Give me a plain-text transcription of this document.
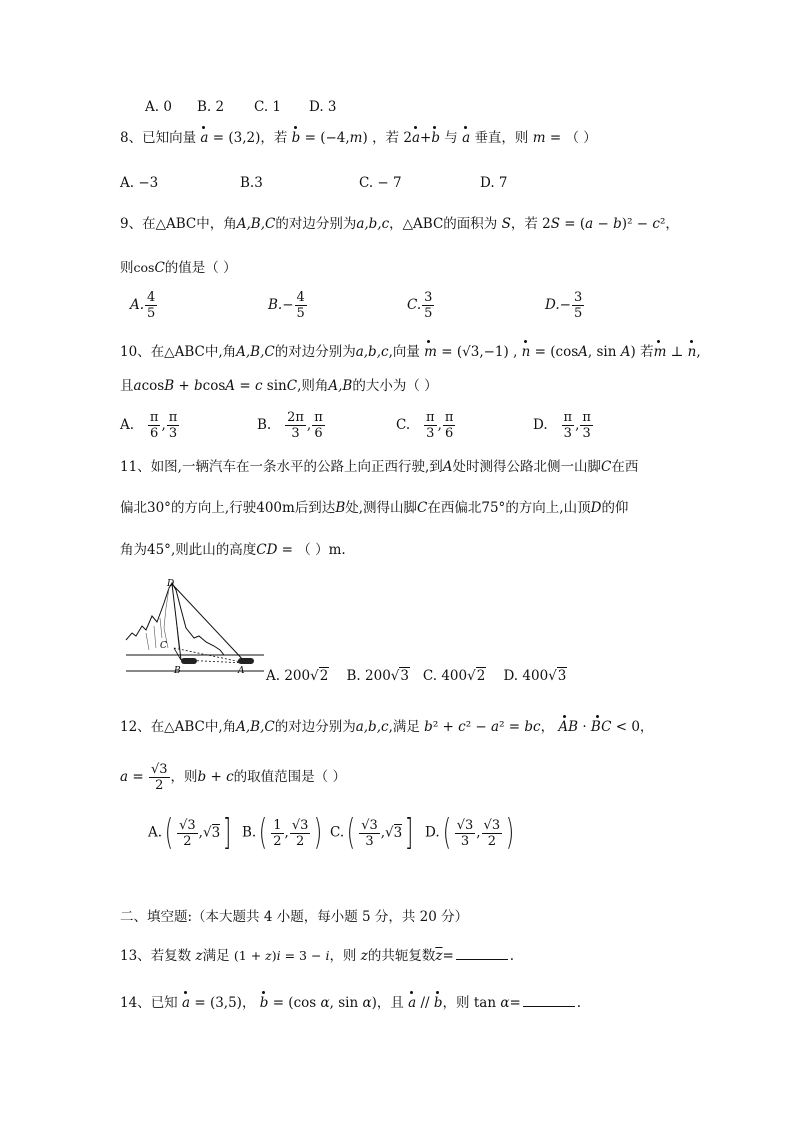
A. 0 B. 2 C. 1 D. 3
8、已知向量 a = (3,2)，若 b = (−4,m) ，若 2a+b 与 a 垂直，则 m = （ ）
A. −3	B.3	C. − 7	D. 7
9、在△ABC中，角A,B,C的对边分别为a,b,c，△ABC的面积为 S，若 2S = (a − b)² − c²，
则cosC的值是（ ）
A. $\frac{4}{5}$	$B.- \frac{4}{5}$	C. $\frac{3}{5}$	$D.- \frac{3}{5}$
10、在△ABC中,角A,B,C的对边分别为a,b,c,向量 m = (√3,−1) , n = (cosA, sin A) 若m ⊥ n,
且acosB + bcosA = c sinC,则角A,B的大小为（ ）
A. $\frac{\pi}{6}$ , $\frac{\pi}{3}$	B. $\frac{2\pi}{3}$ , $\frac{\pi}{6}$	C. $\frac{\pi}{3}$ , $\frac{\pi}{6}$	D. $\frac{\pi}{3}$ , $\frac{\pi}{3}$
11、如图,一辆汽车在一条水平的公路上向正西行驶,到A处时测得公路北侧一山脚C在西
偏北30°的方向上,行驶400m后到达B处,测得山脚C在西偏北75°的方向上,山顶D的仰
角为45°,则此山的高度CD = （ ）m.
D
C
B	A A. 200√2 B. 200√3 C. 400√2 D. 400√3
12、在△ABC中,角A,B,C的对边分别为a,b,c,满足 b² + c² − a² = bc， AB · BC < 0，
$a = \frac{√3}{2}$ ，则b + c的取值范围是（ ）
$A.( \frac{√3}{2} ,√3]$ $B.( \frac{1}{2}$ , $\frac{√3}{2}$ ) $C.( \frac{√3}{3} ,√3]$ $D.( \frac{√3}{3}$ , $\frac{√3}{2}$ )
二、填空题:（本大题共 4 小题，每小题 5 分，共 20 分）
13、若复数 z满足 (1 + z)i = 3 − i，则 z的共轭复数$\overline{z}=$	.
14、已知 a = (3,5)， b = (cos α, sin α)，且 a // b，则 tan α=	.
